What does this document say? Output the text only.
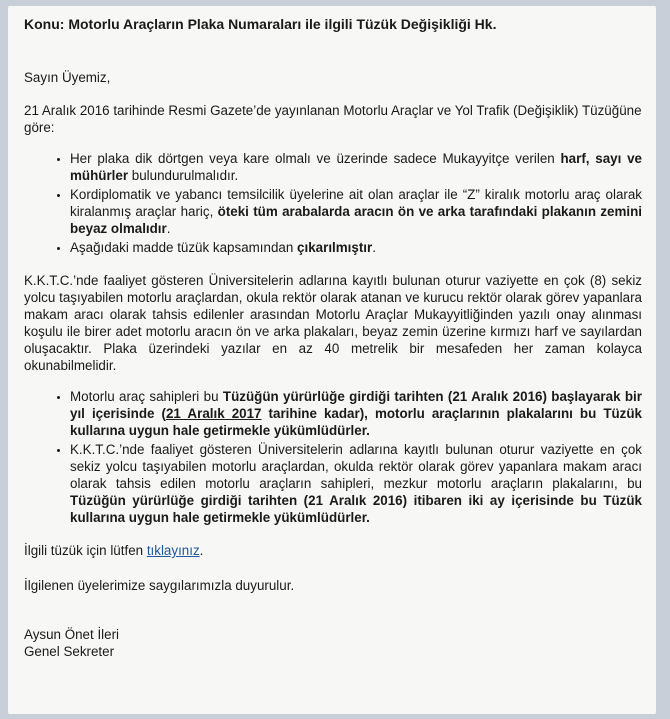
Konu: Motorlu Araçların Plaka Numaraları ile ilgili Tüzük Değişikliği Hk.

Sayın Üyemiz,

21 Aralık 2016 tarihinde Resmi Gazete’de yayınlanan Motorlu Araçlar ve Yol Trafik (Değişiklik) Tüzüğüne göre:

• Her plaka dik dörtgen veya kare olmalı ve üzerinde sadece Mukayyitçe verilen harf, sayı ve mühürler bulundurulmalıdır.
• Kordiplomatik ve yabancı temsilcilik üyelerine ait olan araçlar ile “Z” kiralık motorlu araç olarak kiralanmış araçlar hariç, öteki tüm arabalarda aracın ön ve arka tarafındaki plakanın zemini beyaz olmalıdır.
• Aşağıdaki madde tüzük kapsamından çıkarılmıştır.

K.K.T.C.’nde faaliyet gösteren Üniversitelerin adlarına kayıtlı bulunan oturur vaziyette en çok (8) sekiz yolcu taşıyabilen motorlu araçlardan, okula rektör olarak atanan ve kurucu rektör olarak görev yapanlara makam aracı olarak tahsis edilenler arasından Motorlu Araçlar Mukayyitliğinden yazılı onay alınması koşulu ile birer adet motorlu aracın ön ve arka plakaları, beyaz zemin üzerine kırmızı harf ve sayılardan oluşacaktır. Plaka üzerindeki yazılar en az 40 metrelik bir mesafeden her zaman kolayca okunabilmelidir.

• Motorlu araç sahipleri bu Tüzüğün yürürlüğe girdiği tarihten (21 Aralık 2016) başlayarak bir yıl içerisinde (21 Aralık 2017 tarihine kadar), motorlu araçlarının plakalarını bu Tüzük kullarına uygun hale getirmekle yükümlüdürler.
• K.K.T.C.’nde faaliyet gösteren Üniversitelerin adlarına kayıtlı bulunan oturur vaziyette en çok sekiz yolcu taşıyabilen motorlu araçlardan, okulda rektör olarak görev yapanlara makam aracı olarak tahsis edilen motorlu araçların sahipleri, mezkur motorlu araçların plakalarını, bu Tüzüğün yürürlüğe girdiği tarihten (21 Aralık 2016) itibaren iki ay içerisinde bu Tüzük kullarına uygun hale getirmekle yükümlüdürler.

İlgili tüzük için lütfen tıklayınız.

İlgilenen üyelerimize saygılarımızla duyurulur.

Aysun Önet İleri
Genel Sekreter
